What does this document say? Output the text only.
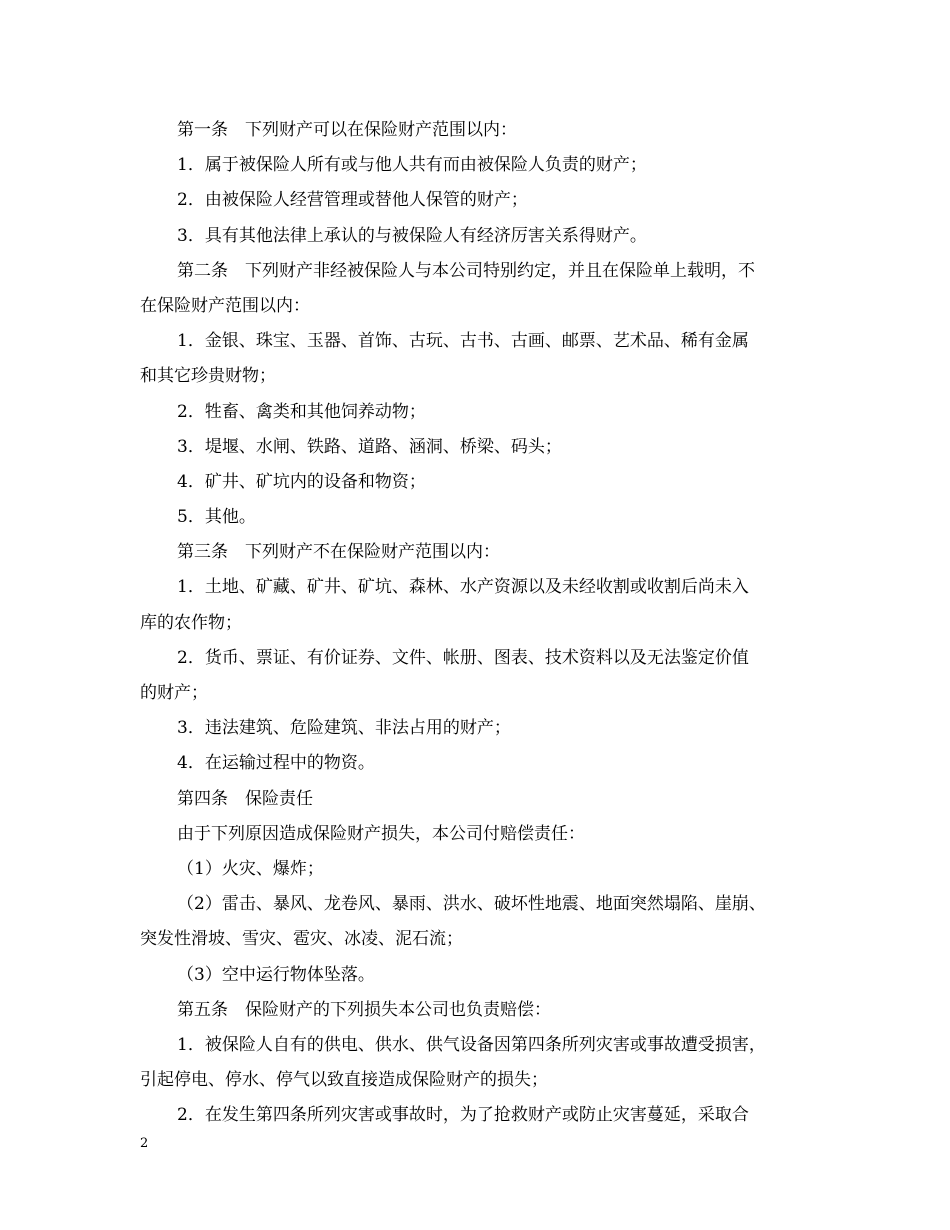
第一条　下列财产可以在保险财产范围以内：
1．属于被保险人所有或与他人共有而由被保险人负责的财产；
2．由被保险人经营管理或替他人保管的财产；
3．具有其他法律上承认的与被保险人有经济厉害关系得财产。
第二条　下列财产非经被保险人与本公司特别约定，并且在保险单上载明，不
在保险财产范围以内：
1．金银、珠宝、玉器、首饰、古玩、古书、古画、邮票、艺术品、稀有金属
和其它珍贵财物；
2．牲畜、禽类和其他饲养动物；
3．堤堰、水闸、铁路、道路、涵洞、桥梁、码头；
4．矿井、矿坑内的设备和物资；
5．其他。
第三条　下列财产不在保险财产范围以内：
1．土地、矿藏、矿井、矿坑、森林、水产资源以及未经收割或收割后尚未入
库的农作物；
2．货币、票证、有价证券、文件、帐册、图表、技术资料以及无法鉴定价值
的财产；
3．违法建筑、危险建筑、非法占用的财产；
4．在运输过程中的物资。
第四条　保险责任
由于下列原因造成保险财产损失，本公司付赔偿责任：
（1）火灾、爆炸；
（2）雷击、暴风、龙卷风、暴雨、洪水、破坏性地震、地面突然塌陷、崖崩、
突发性滑坡、雪灾、雹灾、冰凌、泥石流；
（3）空中运行物体坠落。
第五条　保险财产的下列损失本公司也负责赔偿：
1．被保险人自有的供电、供水、供气设备因第四条所列灾害或事故遭受损害，
引起停电、停水、停气以致直接造成保险财产的损失；
2．在发生第四条所列灾害或事故时，为了抢救财产或防止灾害蔓延，采取合
2
